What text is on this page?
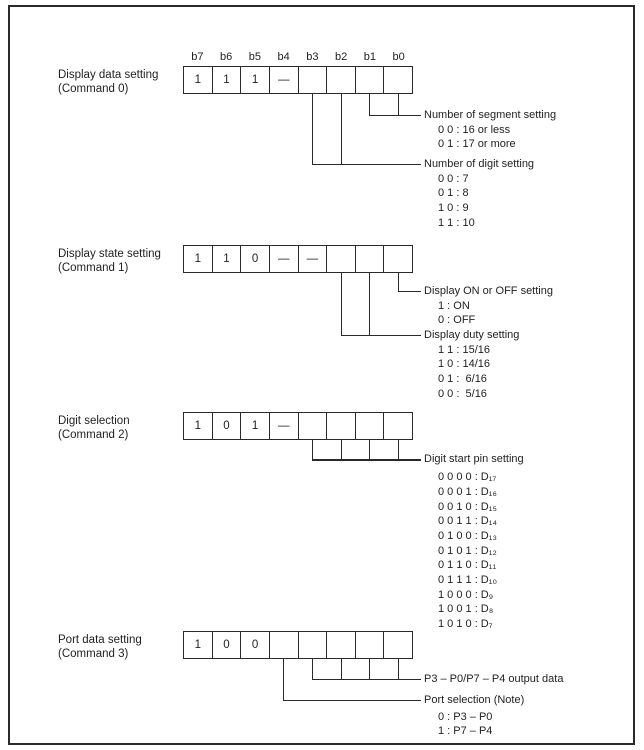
b7	b6	b5	b4	b3	b2	b1	b0
Display data setting
(Command 0)
1 1 1 —
Number of segment setting
0 0 : 16 or less
0 1 : 17 or more
Number of digit setting
0 0 : 7
0 1 : 8
1 0 : 9
1 1 : 10
Display state setting
(Command 1)
1 1 0 — —
Display ON or OFF setting
1 : ON
0 : OFF
Display duty setting
1 1 : 15/16
1 0 : 14/16
0 1 :  6/16
0 0 :  5/16
Digit selection
(Command 2)
1 0 1 —
Digit start pin setting
0 0 0 0 : D₁₇
0 0 0 1 : D₁₆
0 0 1 0 : D₁₅
0 0 1 1 : D₁₄
0 1 0 0 : D₁₃
0 1 0 1 : D₁₂
0 1 1 0 : D₁₁
0 1 1 1 : D₁₀
1 0 0 0 : D₉
1 0 0 1 : D₈
1 0 1 0 : D₇
Port data setting
(Command 3)
1 0 0
P3 – P0/P7 – P4 output data
Port selection (Note)
0 : P3 – P0
1 : P7 – P4
